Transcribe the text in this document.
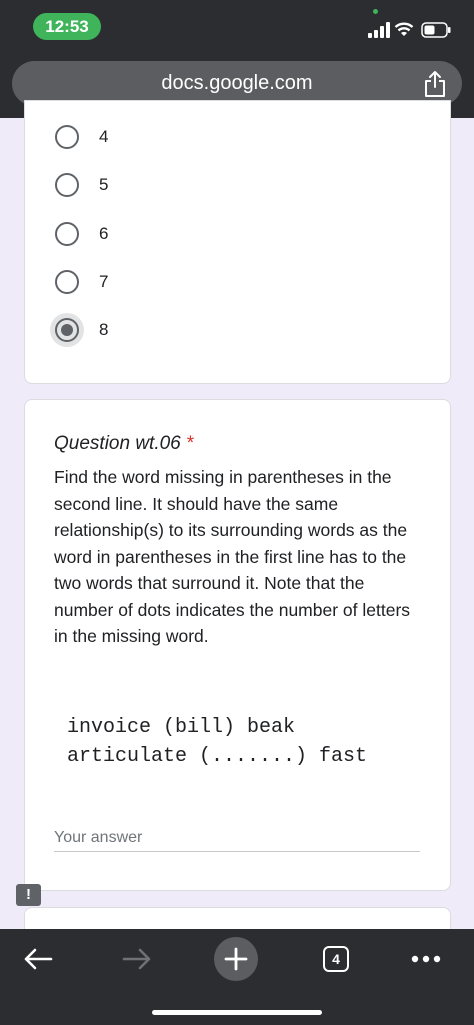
12:53
docs.google.com
4
5
6
7
8
Question wt.06 *
Find the word missing in parentheses in the second line. It should have the same relationship(s) to its surrounding words as the word in parentheses in the first line has to the two words that surround it. Note that the number of dots indicates the number of letters in the missing word.
invoice (bill) beak
articulate (.......) fast
Your answer
!
4
